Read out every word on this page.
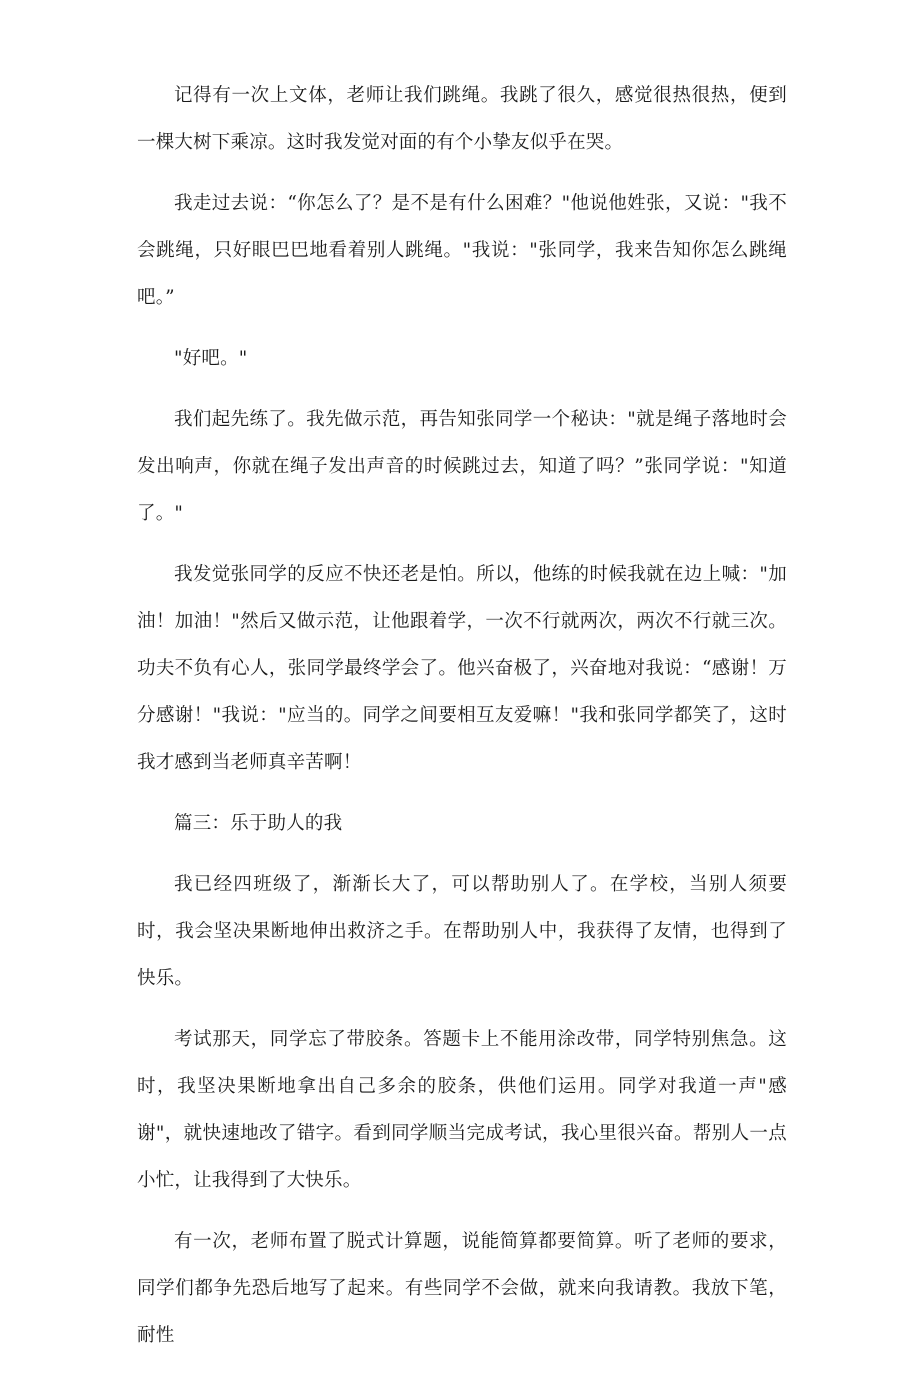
记得有一次上文体，老师让我们跳绳。我跳了很久，感觉很热很热，便到一棵大树下乘凉。这时我发觉对面的有个小挚友似乎在哭。

我走过去说：“你怎么了？是不是有什么困难？"他说他姓张，又说："我不会跳绳，只好眼巴巴地看着别人跳绳。"我说："张同学，我来告知你怎么跳绳吧。”

"好吧。"

我们起先练了。我先做示范，再告知张同学一个秘诀："就是绳子落地时会发出响声，你就在绳子发出声音的时候跳过去，知道了吗？”张同学说："知道了。"

我发觉张同学的反应不快还老是怕。所以，他练的时候我就在边上喊："加油！加油！"然后又做示范，让他跟着学，一次不行就两次，两次不行就三次。功夫不负有心人，张同学最终学会了。他兴奋极了，兴奋地对我说：“感谢！万分感谢！"我说："应当的。同学之间要相互友爱嘛！"我和张同学都笑了，这时我才感到当老师真辛苦啊！

篇三：乐于助人的我

我已经四班级了，渐渐长大了，可以帮助别人了。在学校，当别人须要时，我会坚决果断地伸出救济之手。在帮助别人中，我获得了友情，也得到了快乐。

考试那天，同学忘了带胶条。答题卡上不能用涂改带，同学特别焦急。这时，我坚决果断地拿出自己多余的胶条，供他们运用。同学对我道一声"感谢"，就快速地改了错字。看到同学顺当完成考试，我心里很兴奋。帮别人一点小忙，让我得到了大快乐。

有一次，老师布置了脱式计算题，说能简算都要简算。听了老师的要求，同学们都争先恐后地写了起来。有些同学不会做，就来向我请教。我放下笔，耐性
